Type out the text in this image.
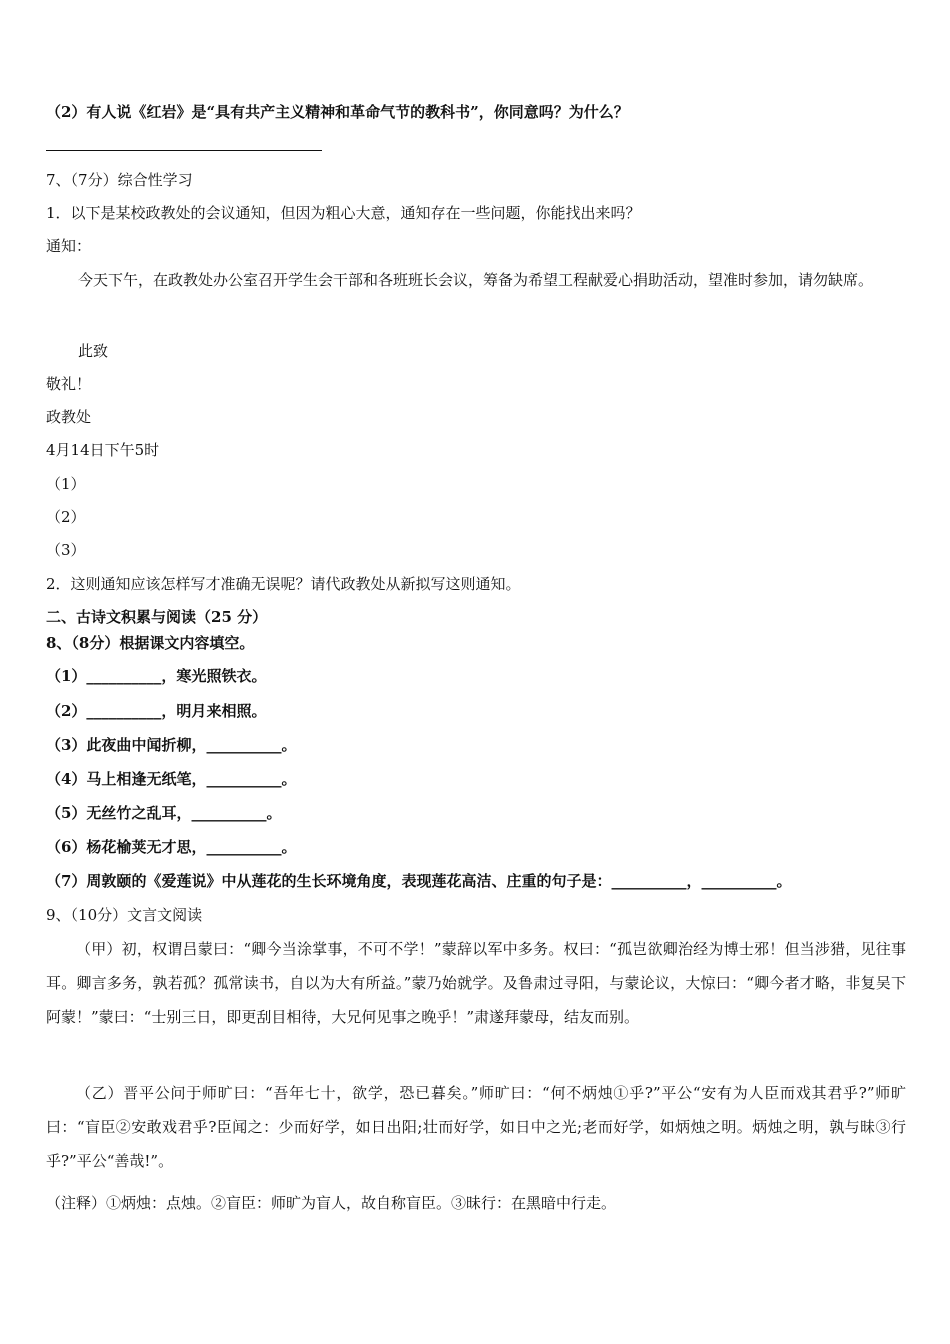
（2）有人说《红岩》是“具有共产主义精神和革命气节的教科书”，你同意吗？为什么？
7、（7分）综合性学习
1．以下是某校政教处的会议通知，但因为粗心大意，通知存在一些问题，你能找出来吗？
通知：
今天下午，在政教处办公室召开学生会干部和各班班长会议，筹备为希望工程献爱心捐助活动，望准时参加，请勿缺席。
此致
敬礼！
政教处
4月14日下午5时
（1）
（2）
（3）
2．这则通知应该怎样写才准确无误呢？请代政教处从新拟写这则通知。
二、古诗文积累与阅读（25 分）
8、（8分）根据课文内容填空。
（1）__________，寒光照铁衣。
（2）__________，明月来相照。
（3）此夜曲中闻折柳，__________。
（4）马上相逢无纸笔，__________。
（5）无丝竹之乱耳，__________。
（6）杨花榆荚无才思，__________。
（7）周敦颐的《爱莲说》中从莲花的生长环境角度，表现莲花高洁、庄重的句子是：__________，__________。
9、（10分）文言文阅读
（甲）初，权谓吕蒙曰：“卿今当涂掌事，不可不学！”蒙辞以军中多务。权曰：“孤岂欲卿治经为博士邪！但当涉猎，见往事耳。卿言多务，孰若孤？孤常读书，自以为大有所益。”蒙乃始就学。及鲁肃过寻阳，与蒙论议，大惊曰：“卿今者才略，非复吴下阿蒙！”蒙曰：“士别三日，即更刮目相待，大兄何见事之晚乎！”肃遂拜蒙母，结友而别。
（乙）晋平公问于师旷曰：“吾年七十，欲学，恐已暮矣。”师旷曰：“何不炳烛①乎?”平公“安有为人臣而戏其君乎?”师旷曰：“盲臣②安敢戏君乎?臣闻之：少而好学，如日出阳;壮而好学，如日中之光;老而好学，如炳烛之明。炳烛之明，孰与昧③行乎?”平公“善哉!”。
（注释）①炳烛：点烛。②盲臣：师旷为盲人，故自称盲臣。③昧行：在黑暗中行走。
